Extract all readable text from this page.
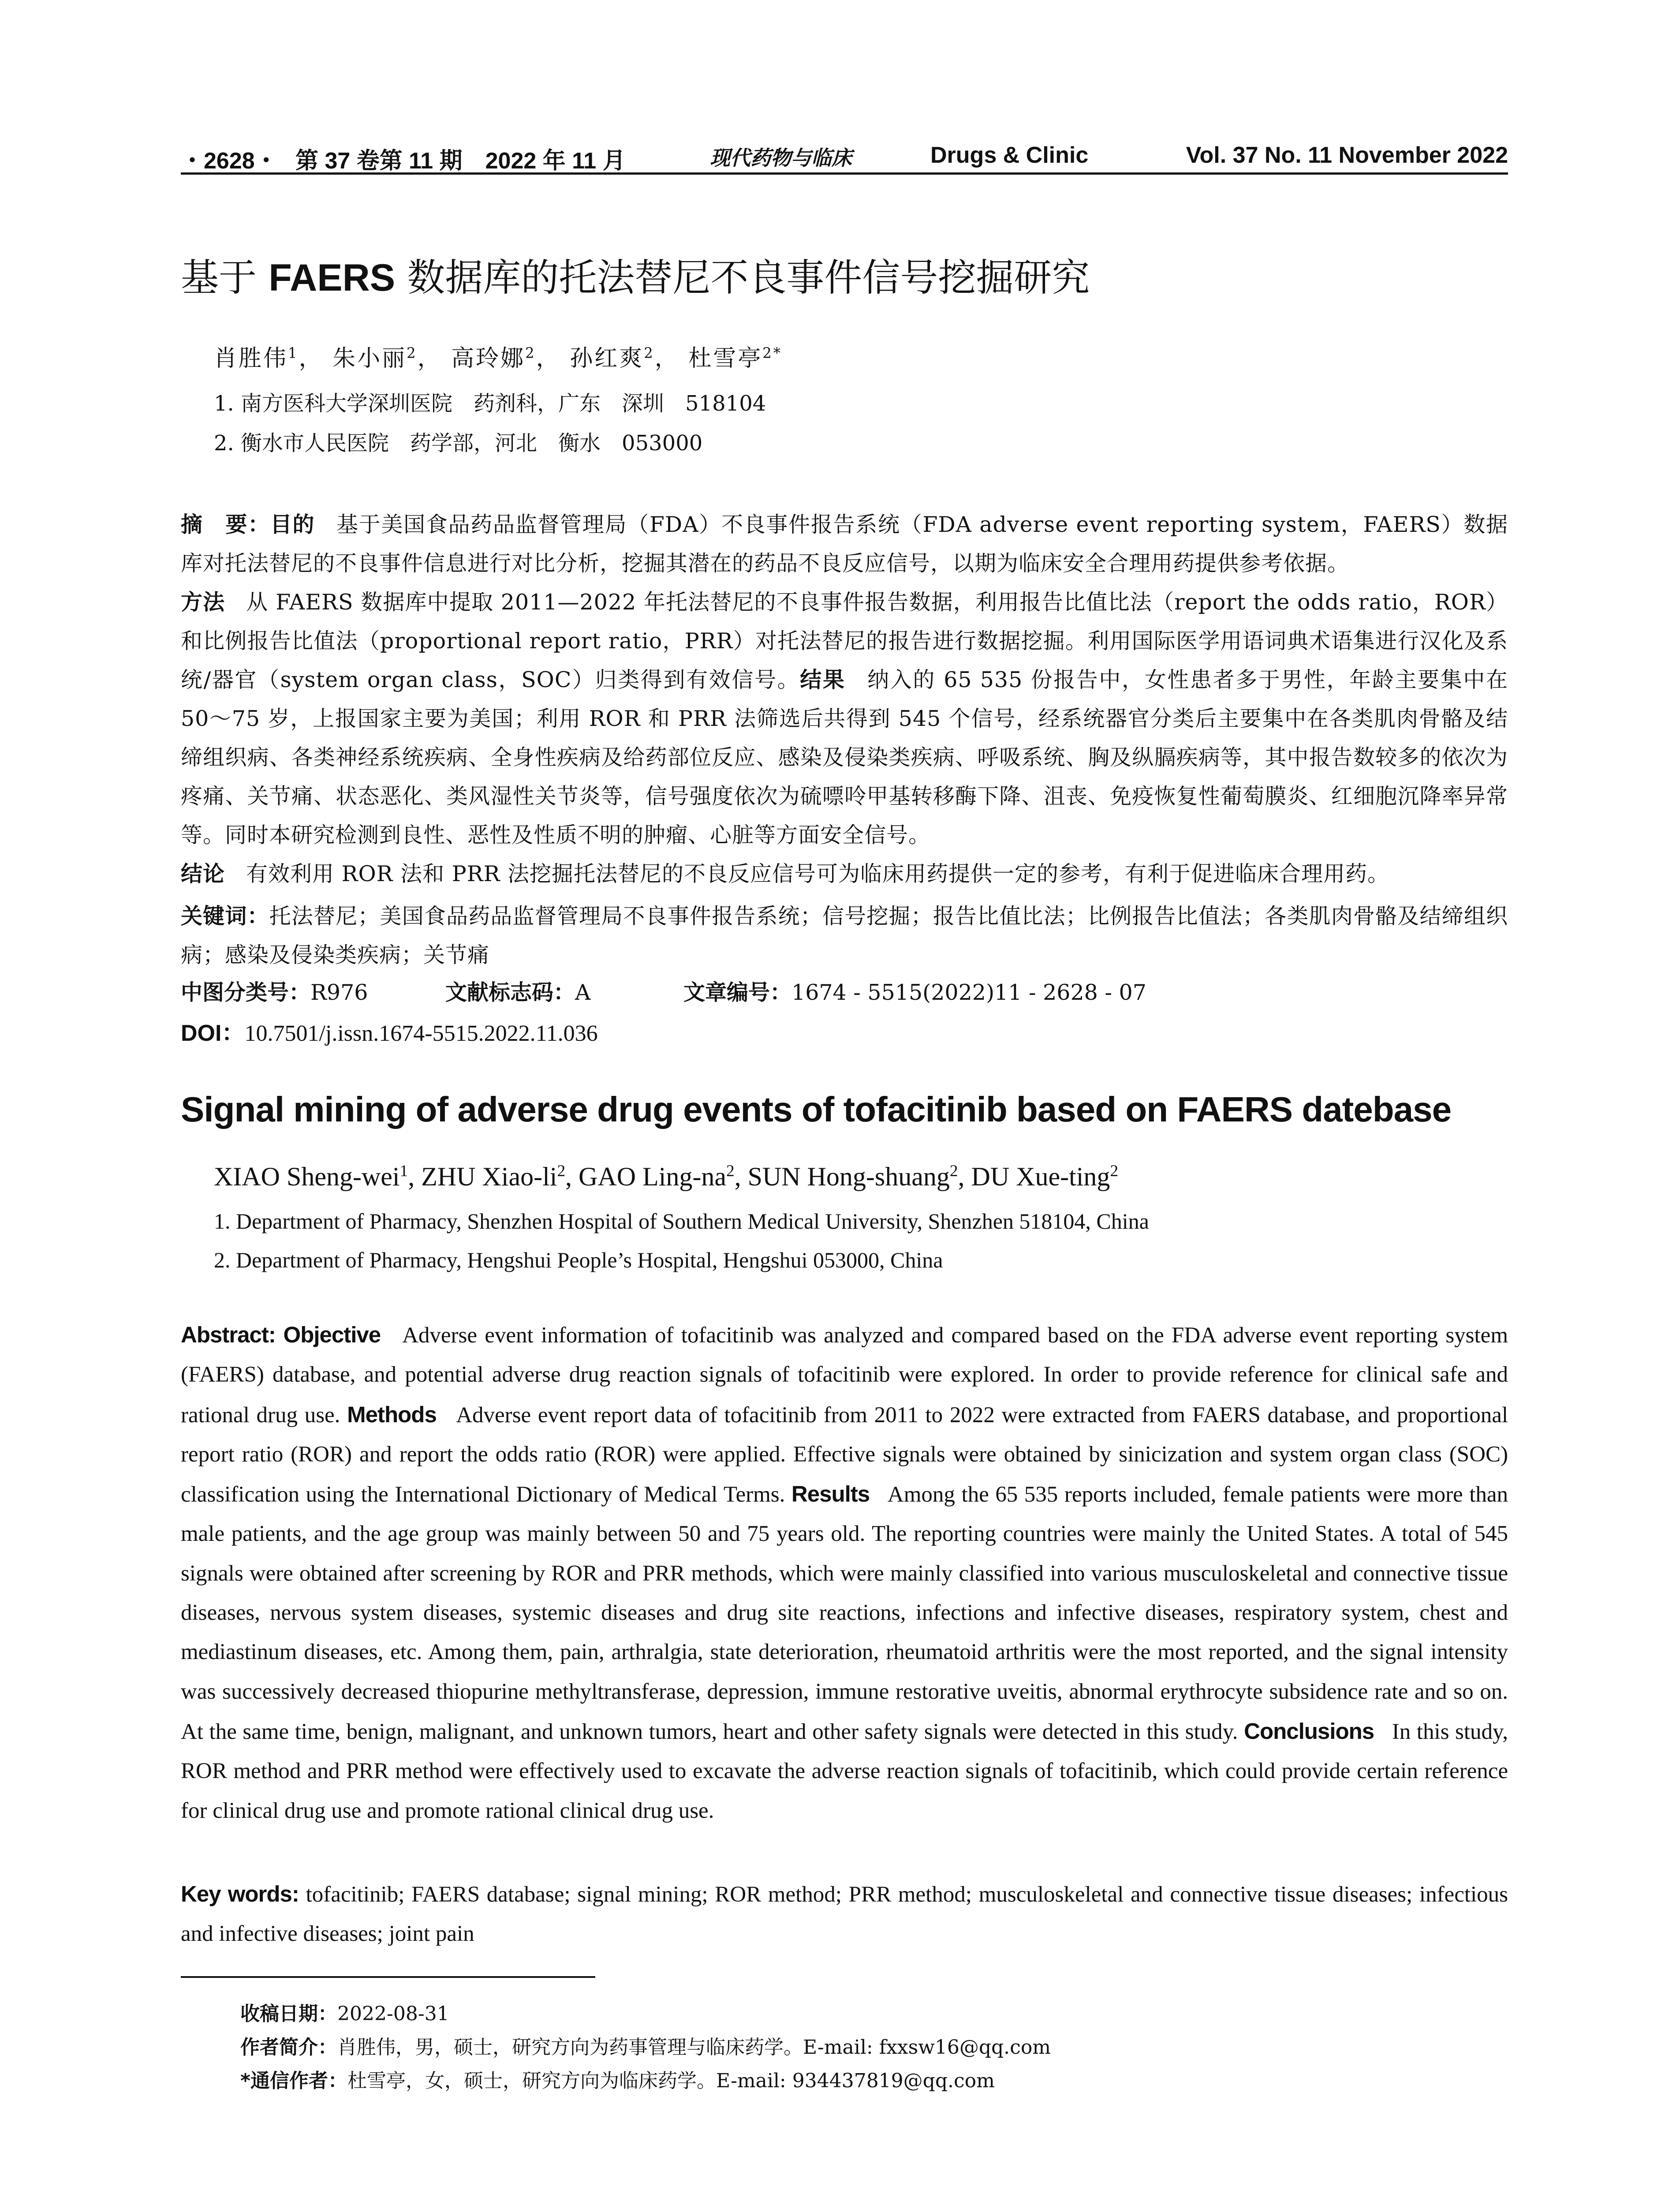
・2628・ 第 37 卷第 11 期　2022 年 11 月	现代药物与临床	Drugs & Clinic	Vol. 37 No. 11 November 2022
基于 FAERS 数据库的托法替尼不良事件信号挖掘研究
肖胜伟$^1$， 朱小丽$^2$， 高玲娜$^2$， 孙红爽$^2$， 杜雪亭$^{2*}$
1. 南方医科大学深圳医院　药剂科，广东　深圳　518104
2. 衡水市人民医院　药学部，河北　衡水　053000
摘　要：目的 基于美国食品药品监督管理局（FDA）不良事件报告系统（FDA adverse event reporting system，FAERS）数据库对托法替尼的不良事件信息进行对比分析，挖掘其潜在的药品不良反应信号，以期为临床安全合理用药提供参考依据。
方法 从 FAERS 数据库中提取 2011—2022 年托法替尼的不良事件报告数据，利用报告比值比法（report the odds ratio，ROR）和比例报告比值法（proportional report ratio，PRR）对托法替尼的报告进行数据挖掘。利用国际医学用语词典术语集进行汉化及系统/器官（system organ class，SOC）归类得到有效信号。结果 纳入的 65 535 份报告中，女性患者多于男性，年龄主要集中在 50～75 岁，上报国家主要为美国；利用 ROR 和 PRR 法筛选后共得到 545 个信号，经系统器官分类后主要集中在各类肌肉骨骼及结缔组织病、各类神经系统疾病、全身性疾病及给药部位反应、感染及侵染类疾病、呼吸系统、胸及纵膈疾病等，其中报告数较多的依次为疼痛、关节痛、状态恶化、类风湿性关节炎等，信号强度依次为硫嘌呤甲基转移酶下降、沮丧、免疫恢复性葡萄膜炎、红细胞沉降率异常等。同时本研究检测到良性、恶性及性质不明的肿瘤、心脏等方面安全信号。
结论 有效利用 ROR 法和 PRR 法挖掘托法替尼的不良反应信号可为临床用药提供一定的参考，有利于促进临床合理用药。
关键词：托法替尼；美国食品药品监督管理局不良事件报告系统；信号挖掘；报告比值比法；比例报告比值法；各类肌肉骨骼及结缔组织病；感染及侵染类疾病；关节痛
中图分类号：R976	文献标志码：A	文章编号：1674 - 5515(2022)11 - 2628 - 07
DOI：10.7501/j.issn.1674-5515.2022.11.036
Signal mining of adverse drug events of tofacitinib based on FAERS datebase
XIAO Sheng-wei$^1$, ZHU Xiao-$li^2$, GAO Ling-$na^2$, SUN Hong-shuang$^2$, DU Xue-ting$^2$
1. Department of Pharmacy, Shenzhen Hospital of Southern Medical University, Shenzhen 518104, China
2. Department of Pharmacy, Hengshui People’s Hospital, Hengshui 053000, China
Abstract: Objective Adverse event information of tofacitinib was analyzed and compared based on the FDA adverse event reporting system (FAERS) database, and potential adverse drug reaction signals of tofacitinib were explored. In order to provide reference for clinical safe and rational drug use. Methods Adverse event report data of tofacitinib from 2011 to 2022 were extracted from FAERS database, and proportional report ratio (ROR) and report the odds ratio (ROR) were applied. Effective signals were obtained by sinicization and system organ class (SOC) classification using the International Dictionary of Medical Terms. Results Among the 65 535 reports included, female patients were more than male patients, and the age group was mainly between 50 and 75 years old. The reporting countries were mainly the United States. A total of 545 signals were obtained after screening by ROR and PRR methods, which were mainly classified into various musculoskeletal and connective tissue diseases, nervous system diseases, systemic diseases and drug site reactions, infections and infective diseases, respiratory system, chest and mediastinum diseases, etc. Among them, pain, arthralgia, state deterioration, rheumatoid arthritis were the most reported, and the signal intensity was successively decreased thiopurine methyltransferase, depression, immune restorative uveitis, abnormal erythrocyte subsidence rate and so on. At the same time, benign, malignant, and unknown tumors, heart and other safety signals were detected in this study. Conclusions In this study, ROR method and PRR method were effectively used to excavate the adverse reaction signals of tofacitinib, which could provide certain reference for clinical drug use and promote rational clinical drug use.
Key words: tofacitinib; FAERS database; signal mining; ROR method; PRR method; musculoskeletal and connective tissue diseases; infectious and infective diseases; joint pain
收稿日期：2022-08-31
作者简介：肖胜伟，男，硕士，研究方向为药事管理与临床药学。E-mail: fxxsw16@qq.com
*通信作者：杜雪亭，女，硕士，研究方向为临床药学。E-mail: 934437819@qq.com
